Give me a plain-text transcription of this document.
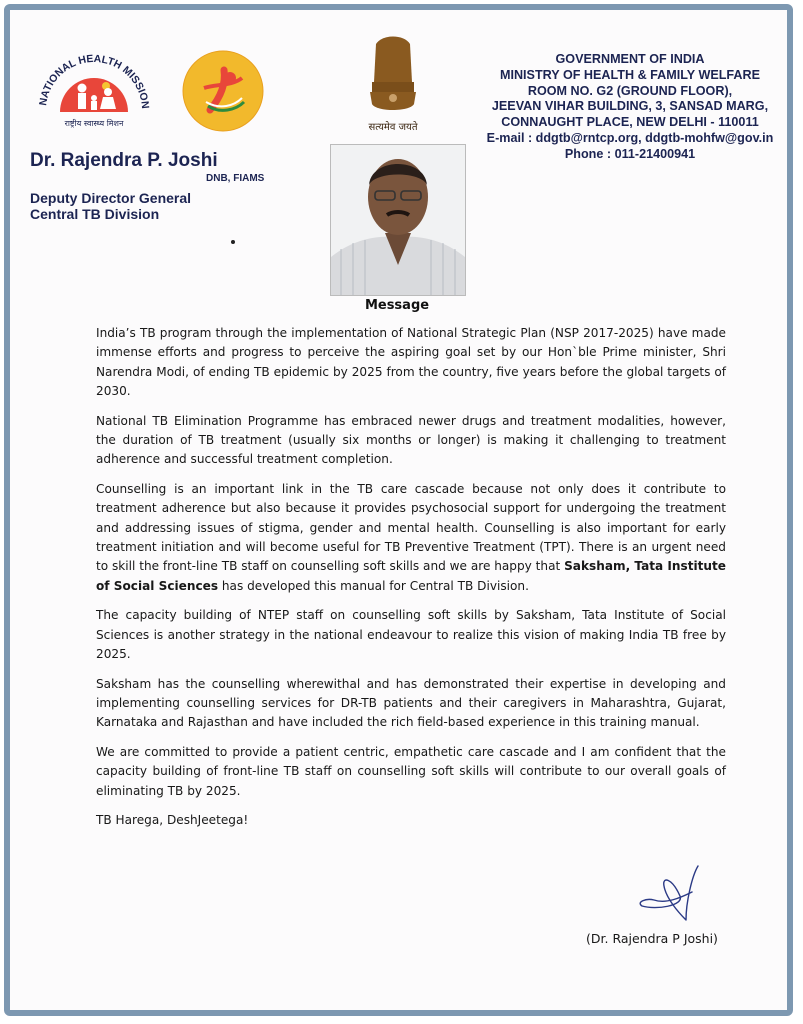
NATIONAL HEALTH MISSION
राष्ट्रीय स्वास्थ्य मिशन	सत्यमेव जयते
GOVERNMENT OF INDIA
MINISTRY OF HEALTH & FAMILY WELFARE
ROOM NO. G2 (GROUND FLOOR),
JEEVAN VIHAR BUILDING, 3, SANSAD MARG,
CONNAUGHT PLACE, NEW DELHI - 110011
E-mail : ddgtb@rntcp.org, ddgtb-mohfw@gov.in
Phone : 011-21400941
Dr. Rajendra P. Joshi
DNB, FIAMS
Deputy Director General
Central TB Division
Message

India’s TB program through the implementation of National Strategic Plan (NSP 2017-2025) have made immense efforts and progress to perceive the aspiring goal set by our Hon`ble Prime minister, Shri Narendra Modi, of ending TB epidemic by 2025 from the country, five years before the global targets of 2030.

National TB Elimination Programme has embraced newer drugs and treatment modalities, however, the duration of TB treatment (usually six months or longer) is making it challenging to treatment adherence and successful treatment completion.

Counselling is an important link in the TB care cascade because not only does it contribute to treatment adherence but also because it provides psychosocial support for undergoing the treatment and addressing issues of stigma, gender and mental health. Counselling is also important for early treatment initiation and will become useful for TB Preventive Treatment (TPT). There is an urgent need to skill the front-line TB staff on counselling soft skills and we are happy that Saksham, Tata Institute of Social Sciences has developed this manual for Central TB Division.

The capacity building of NTEP staff on counselling soft skills by Saksham, Tata Institute of Social Sciences is another strategy in the national endeavour to realize this vision of making India TB free by 2025.

Saksham has the counselling wherewithal and has demonstrated their expertise in developing and implementing counselling services for DR-TB patients and their caregivers in Maharashtra, Gujarat, Karnataka and Rajasthan and have included the rich field-based experience in this training manual.

We are committed to provide a patient centric, empathetic care cascade and I am confident that the capacity building of front-line TB staff on counselling soft skills will contribute to our overall goals of eliminating TB by 2025.

TB Harega, DeshJeetega!

(Dr. Rajendra P Joshi)
